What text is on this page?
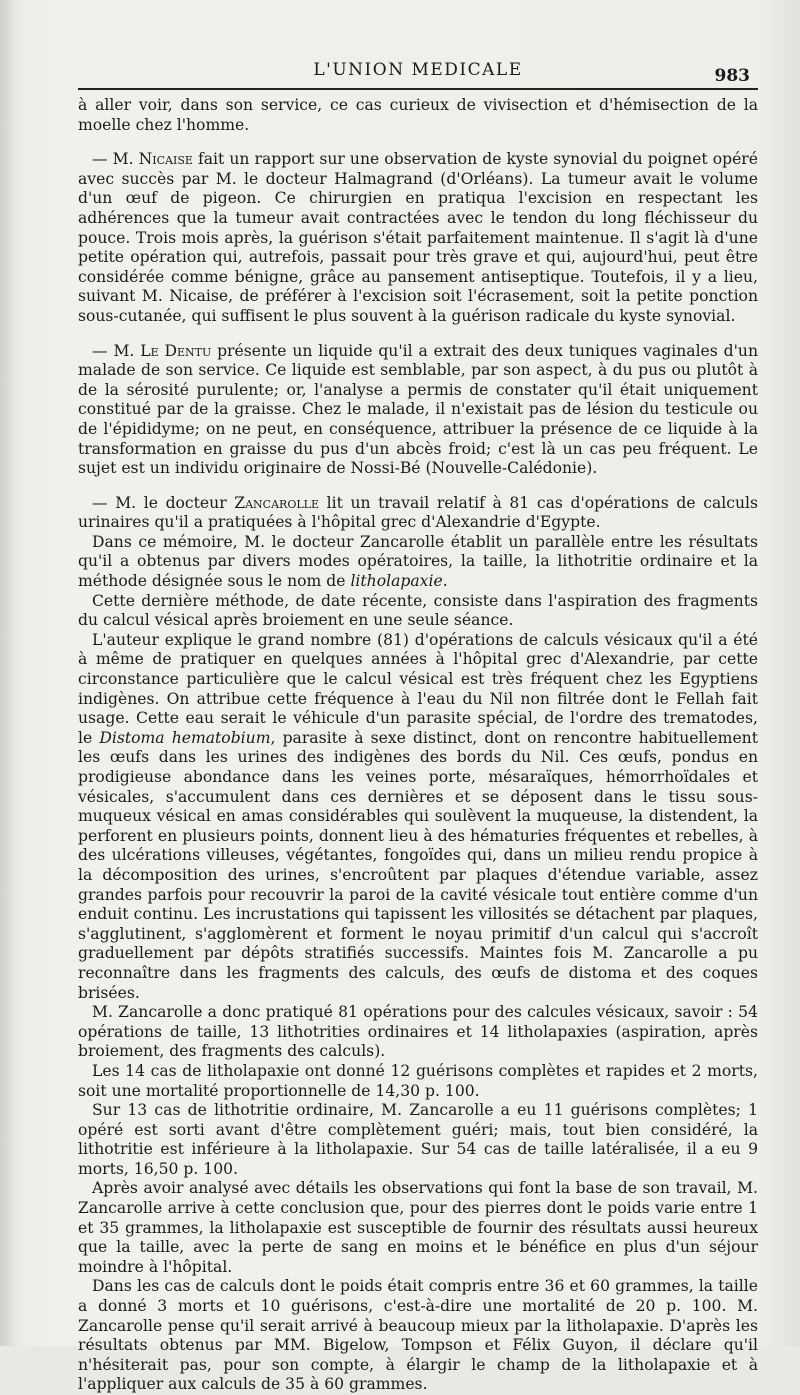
L'UNION MEDICALE	983

à aller voir, dans son service, ce cas curieux de vivisection et d'hémisection de la moelle chez l'homme.

— M. Nicaise fait un rapport sur une observation de kyste synovial du poignet opéré avec succès par M. le docteur Halmagrand (d'Orléans). La tumeur avait le volume d'un œuf de pigeon. Ce chirurgien en pratiqua l'excision en respectant les adhérences que la tumeur avait contractées avec le tendon du long fléchisseur du pouce. Trois mois après, la guérison s'était parfaitement maintenue. Il s'agit là d'une petite opération qui, autrefois, passait pour très grave et qui, aujourd'hui, peut être considérée comme bénigne, grâce au pansement antiseptique. Toutefois, il y a lieu, suivant M. Nicaise, de préférer à l'excision soit l'écrasement, soit la petite ponction sous-cutanée, qui suffisent le plus souvent à la guérison radicale du kyste synovial.

— M. Le Dentu présente un liquide qu'il a extrait des deux tuniques vaginales d'un malade de son service. Ce liquide est semblable, par son aspect, à du pus ou plutôt à de la sérosité purulente; or, l'analyse a permis de constater qu'il était uniquement constitué par de la graisse. Chez le malade, il n'existait pas de lésion du testicule ou de l'épididyme; on ne peut, en conséquence, attribuer la présence de ce liquide à la transformation en graisse du pus d'un abcès froid; c'est là un cas peu fréquent. Le sujet est un individu originaire de Nossi-Bé (Nouvelle-Calédonie).

— M. le docteur Zancarolle lit un travail relatif à 81 cas d'opérations de calculs urinaires qu'il a pratiquées à l'hôpital grec d'Alexandrie d'Egypte.

Dans ce mémoire, M. le docteur Zancarolle établit un parallèle entre les résultats qu'il a obtenus par divers modes opératoires, la taille, la lithotritie ordinaire et la méthode désignée sous le nom de litholapaxie.

Cette dernière méthode, de date récente, consiste dans l'aspiration des fragments du calcul vésical après broiement en une seule séance.

L'auteur explique le grand nombre (81) d'opérations de calculs vésicaux qu'il a été à même de pratiquer en quelques années à l'hôpital grec d'Alexandrie, par cette circonstance particulière que le calcul vésical est très fréquent chez les Egyptiens indigènes. On attribue cette fréquence à l'eau du Nil non filtrée dont le Fellah fait usage. Cette eau serait le véhicule d'un parasite spécial, de l'ordre des trematodes, le Distoma hematobium, parasite à sexe distinct, dont on rencontre habituellement les œufs dans les urines des indigènes des bords du Nil. Ces œufs, pondus en prodigieuse abondance dans les veines porte, mésaraïques, hémorrhoïdales et vésicales, s'accumulent dans ces dernières et se déposent dans le tissu sous-muqueux vésical en amas considérables qui soulèvent la muqueuse, la distendent, la perforent en plusieurs points, donnent lieu à des hématuries fréquentes et rebelles, à des ulcérations villeuses, végétantes, fongoïdes qui, dans un milieu rendu propice à la décomposition des urines, s'encroûtent par plaques d'étendue variable, assez grandes parfois pour recouvrir la paroi de la cavité vésicale tout entière comme d'un enduit continu. Les incrustations qui tapissent les villosités se détachent par plaques, s'agglutinent, s'agglomèrent et forment le noyau primitif d'un calcul qui s'accroît graduellement par dépôts stratifiés successifs. Maintes fois M. Zancarolle a pu reconnaître dans les fragments des calculs, des œufs de distoma et des coques brisées.

M. Zancarolle a donc pratiqué 81 opérations pour des calcules vésicaux, savoir : 54 opérations de taille, 13 lithotrities ordinaires et 14 litholapaxies (aspiration, après broiement, des fragments des calculs).

Les 14 cas de litholapaxie ont donné 12 guérisons complètes et rapides et 2 morts, soit une mortalité proportionnelle de 14,30 p. 100.

Sur 13 cas de lithotritie ordinaire, M. Zancarolle a eu 11 guérisons complètes; 1 opéré est sorti avant d'être complètement guéri; mais, tout bien considéré, la lithotritie est inférieure à la litholapaxie. Sur 54 cas de taille latéralisée, il a eu 9 morts, 16,50 p. 100.

Après avoir analysé avec détails les observations qui font la base de son travail, M. Zancarolle arrive à cette conclusion que, pour des pierres dont le poids varie entre 1 et 35 grammes, la litholapaxie est susceptible de fournir des résultats aussi heureux que la taille, avec la perte de sang en moins et le bénéfice en plus d'un séjour moindre à l'hôpital.

Dans les cas de calculs dont le poids était compris entre 36 et 60 grammes, la taille a donné 3 morts et 10 guérisons, c'est-à-dire une mortalité de 20 p. 100. M. Zancarolle pense qu'il serait arrivé à beaucoup mieux par la litholapaxie. D'après les résultats obtenus par MM. Bigelow, Tompson et Félix Guyon, il déclare qu'il n'hésiterait pas, pour son compte, à élargir le champ de la litholapaxie et à l'appliquer aux calculs de 35 à 60 grammes.
